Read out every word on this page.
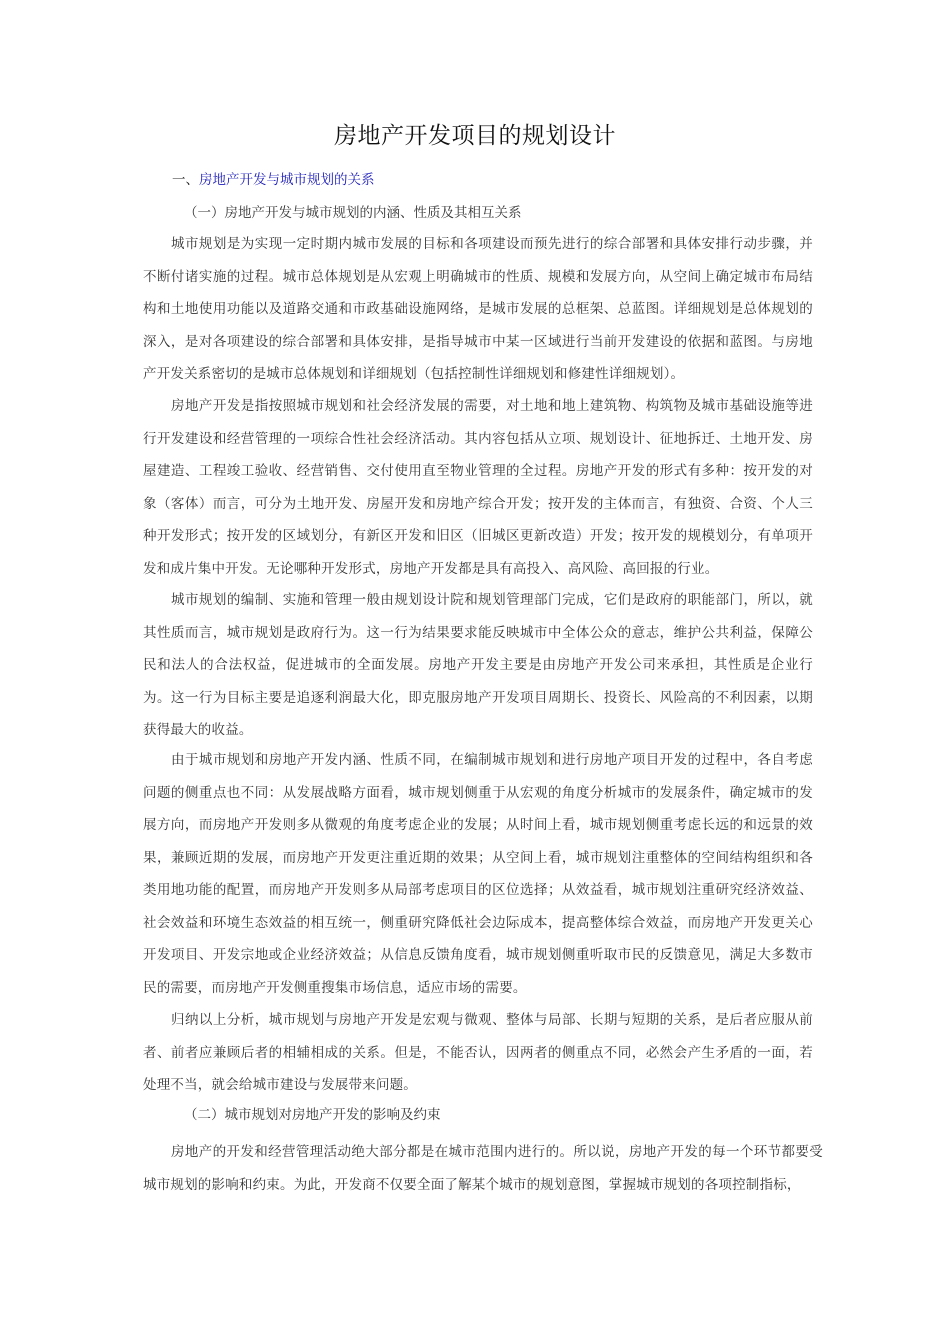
房地产开发项目的规划设计
一、房地产开发与城市规划的关系
（一）房地产开发与城市规划的内涵、性质及其相互关系

城市规划是为实现一定时期内城市发展的目标和各项建设而预先进行的综合部署和具体安排行动步骤，并不断付诸实施的过程。城市总体规划是从宏观上明确城市的性质、规模和发展方向，从空间上确定城市布局结构和土地使用功能以及道路交通和市政基础设施网络，是城市发展的总框架、总蓝图。详细规划是总体规划的深入，是对各项建设的综合部署和具体安排，是指导城市中某一区域进行当前开发建设的依据和蓝图。与房地产开发关系密切的是城市总体规划和详细规划（包括控制性详细规划和修建性详细规划）。

房地产开发是指按照城市规划和社会经济发展的需要，对土地和地上建筑物、构筑物及城市基础设施等进行开发建设和经营管理的一项综合性社会经济活动。其内容包括从立项、规划设计、征地拆迁、土地开发、房屋建造、工程竣工验收、经营销售、交付使用直至物业管理的全过程。房地产开发的形式有多种：按开发的对象（客体）而言，可分为土地开发、房屋开发和房地产综合开发；按开发的主体而言，有独资、合资、个人三种开发形式；按开发的区域划分，有新区开发和旧区（旧城区更新改造）开发；按开发的规模划分，有单项开发和成片集中开发。无论哪种开发形式，房地产开发都是具有高投入、高风险、高回报的行业。

城市规划的编制、实施和管理一般由规划设计院和规划管理部门完成，它们是政府的职能部门，所以，就其性质而言，城市规划是政府行为。这一行为结果要求能反映城市中全体公众的意志，维护公共利益，保障公民和法人的合法权益，促进城市的全面发展。房地产开发主要是由房地产开发公司来承担，其性质是企业行为。这一行为目标主要是追逐利润最大化，即克服房地产开发项目周期长、投资长、风险高的不利因素，以期获得最大的收益。

由于城市规划和房地产开发内涵、性质不同，在编制城市规划和进行房地产项目开发的过程中，各自考虑问题的侧重点也不同：从发展战略方面看，城市规划侧重于从宏观的角度分析城市的发展条件，确定城市的发展方向，而房地产开发则多从微观的角度考虑企业的发展；从时间上看，城市规划侧重考虑长远的和远景的效果，兼顾近期的发展，而房地产开发更注重近期的效果；从空间上看，城市规划注重整体的空间结构组织和各类用地功能的配置，而房地产开发则多从局部考虑项目的区位选择；从效益看，城市规划注重研究经济效益、社会效益和环境生态效益的相互统一，侧重研究降低社会边际成本，提高整体综合效益，而房地产开发更关心开发项目、开发宗地或企业经济效益；从信息反馈角度看，城市规划侧重听取市民的反馈意见，满足大多数市民的需要，而房地产开发侧重搜集市场信息，适应市场的需要。

归纳以上分析，城市规划与房地产开发是宏观与微观、整体与局部、长期与短期的关系，是后者应服从前者、前者应兼顾后者的相辅相成的关系。但是，不能否认，因两者的侧重点不同，必然会产生矛盾的一面，若处理不当，就会给城市建设与发展带来问题。

（二）城市规划对房地产开发的影响及约束

房地产的开发和经营管理活动绝大部分都是在城市范围内进行的。所以说，房地产开发的每一个环节都要受城市规划的影响和约束。为此，开发商不仅要全面了解某个城市的规划意图，掌握城市规划的各项控制指标，
